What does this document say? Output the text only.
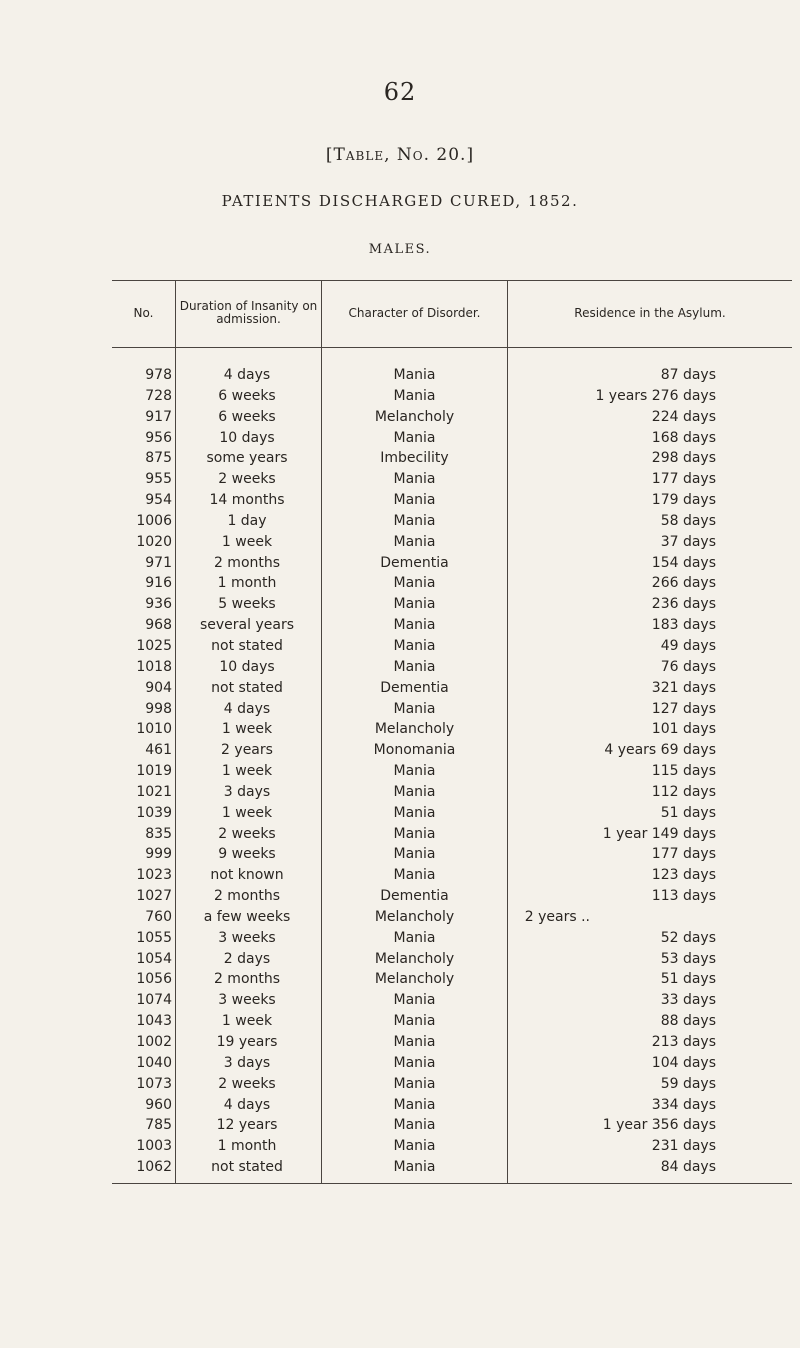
62
[Table, No. 20.]
PATIENTS DISCHARGED CURED, 1852.
MALES.
No.	Duration of Insanity on admission.	Character of Disorder.	Residence in the Asylum.
978	4 days	Mania	87 days
728	6 weeks	Mania	1 years 276 days
917	6 weeks	Melancholy	224 days
956	10 days	Mania	168 days
875	some years	Imbecility	298 days
955	2 weeks	Mania	177 days
954	14 months	Mania	179 days
1006	1 day	Mania	58 days
1020	1 week	Mania	37 days
971	2 months	Dementia	154 days
916	1 month	Mania	266 days
936	5 weeks	Mania	236 days
968	several years	Mania	183 days
1025	not stated	Mania	49 days
1018	10 days	Mania	76 days
904	not stated	Dementia	321 days
998	4 days	Mania	127 days
1010	1 week	Melancholy	101 days
461	2 years	Monomania	4 years 69 days
1019	1 week	Mania	115 days
1021	3 days	Mania	112 days
1039	1 week	Mania	51 days
835	2 weeks	Mania	1 year 149 days
999	9 weeks	Mania	177 days
1023	not known	Mania	123 days
1027	2 months	Dementia	113 days
760	a few weeks	Melancholy	2 years ..
1055	3 weeks	Mania	52 days
1054	2 days	Melancholy	53 days
1056	2 months	Melancholy	51 days
1074	3 weeks	Mania	33 days
1043	1 week	Mania	88 days
1002	19 years	Mania	213 days
1040	3 days	Mania	104 days
1073	2 weeks	Mania	59 days
960	4 days	Mania	334 days
785	12 years	Mania	1 year 356 days
1003	1 month	Mania	231 days
1062	not stated	Mania	84 days
